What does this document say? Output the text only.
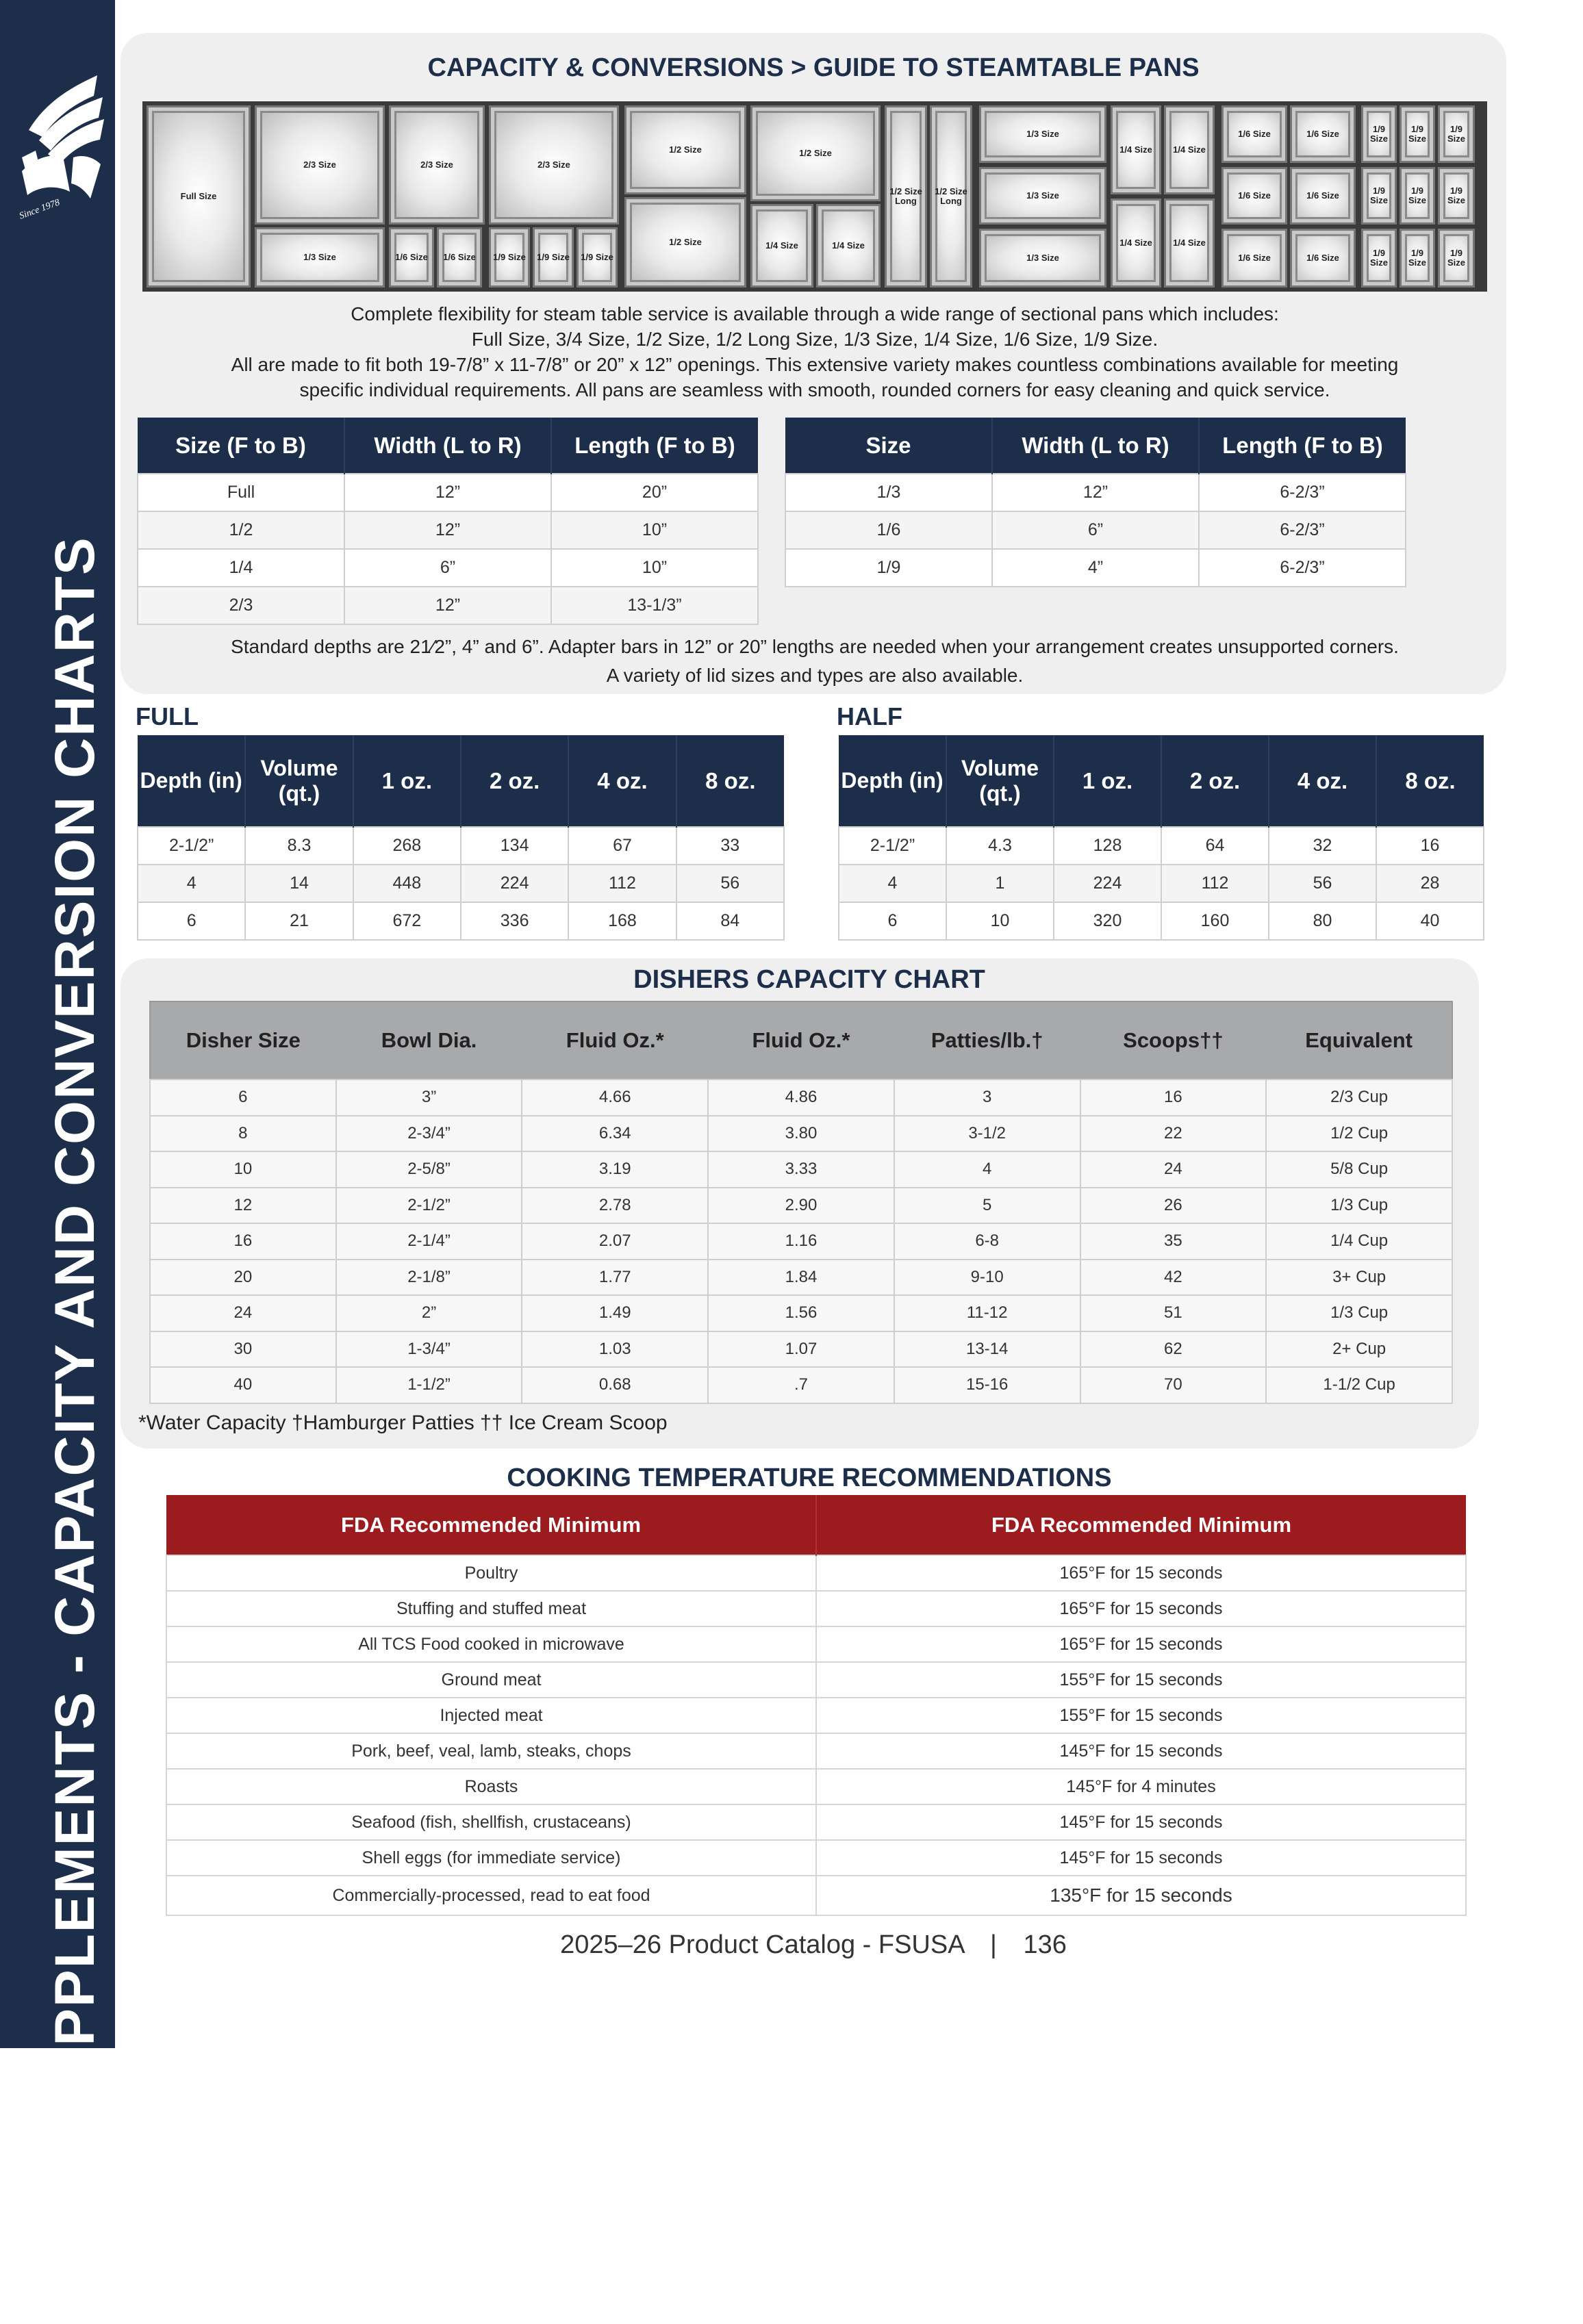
Since 1978
SUPPLEMENTS - CAPACITY AND CONVERSION CHARTS
CAPACITY & CONVERSIONS > GUIDE TO STEAMTABLE PANS
Full Size
2/3 Size
1/3 Size
2/3 Size
1/6 Size 1/6 Size
2/3 Size
1/9 Size 1/9 Size 1/9 Size
1/2 Size
1/2 Size
1/2 Size
1/4 Size	1/4 Size
1/2 Size Long
1/2 Size Long
1/3 Size
1/3 Size
1/3 Size
1/4 Size 1/4 Size
1/4 Size 1/4 Size
1/6 Size	1/6 Size
1/6 Size	1/6 Size
1/6 Size	1/6 Size
1/9 Size
1/9 Size
1/9 Size
1/9 Size
1/9 Size
1/9 Size
1/9 Size
1/9 Size
1/9 Size
Complete flexibility for steam table service is available through a wide range of sectional pans which includes:
Full Size, 3/4 Size, 1/2 Size, 1/2 Long Size, 1/3 Size, 1/4 Size, 1/6 Size, 1/9 Size.
All are made to fit both 19-7/8” x 11-7/8” or 20” x 12” openings. This extensive variety makes countless combinations available for meeting
specific individual requirements. All pans are seamless with smooth, rounded corners for easy cleaning and quick service.
Size (F to B)	Width (L to R)	Length (F to B)
Full	12”	20”
1/2	12”	10”
1/4	6”	10”
2/3	12”	13-1/3”
Size	Width (L to R)	Length (F to B)
1/3	12”	6-2/3”
1/6	6”	6-2/3”
1/9	4”	6-2/3”
Standard depths are 21⁄2”, 4” and 6”. Adapter bars in 12” or 20” lengths are needed when your arrangement creates unsupported corners.
A variety of lid sizes and types are also available.
FULL
Depth (in)	Volume (qt.)	1 oz.	2 oz.	4 oz.	8 oz.
2-1/2”	8.3	268	134	67	33
4	14	448	224	112	56
6	21	672	336	168	84
HALF
Depth (in)	Volume (qt.)	1 oz.	2 oz.	4 oz.	8 oz.
2-1/2”	4.3	128	64	32	16
4	1	224	112	56	28
6	10	320	160	80	40
DISHERS CAPACITY CHART
Disher Size	Bowl Dia.	Fluid Oz.*	Fluid Oz.*	Patties/lb.†	Scoops††	Equivalent
6	3”	4.66	4.86	3	16	2/3 Cup
8	2-3/4”	6.34	3.80	3-1/2	22	1/2 Cup
10	2-5/8”	3.19	3.33	4	24	5/8 Cup
12	2-1/2”	2.78	2.90	5	26	1/3 Cup
16	2-1/4”	2.07	1.16	6-8	35	1/4 Cup
20	2-1/8”	1.77	1.84	9-10	42	3+ Cup
24	2”	1.49	1.56	11-12	51	1/3 Cup
30	1-3/4”	1.03	1.07	13-14	62	2+ Cup
40	1-1/2”	0.68	.7	15-16	70	1-1/2 Cup
*Water Capacity †Hamburger Patties †† Ice Cream Scoop
COOKING TEMPERATURE RECOMMENDATIONS
FDA Recommended Minimum	FDA Recommended Minimum
Poultry	165°F for 15 seconds
Stuffing and stuffed meat	165°F for 15 seconds
All TCS Food cooked in microwave	165°F for 15 seconds
Ground meat	155°F for 15 seconds
Injected meat	155°F for 15 seconds
Pork, beef, veal, lamb, steaks, chops	145°F for 15 seconds
Roasts	145°F for 4 minutes
Seafood (fish, shellfish, crustaceans)	145°F for 15 seconds
Shell eggs (for immediate service)	145°F for 15 seconds
Commercially-processed, read to eat food	135°F for 15 seconds
2025–26 Product Catalog - FSUSA | 136
